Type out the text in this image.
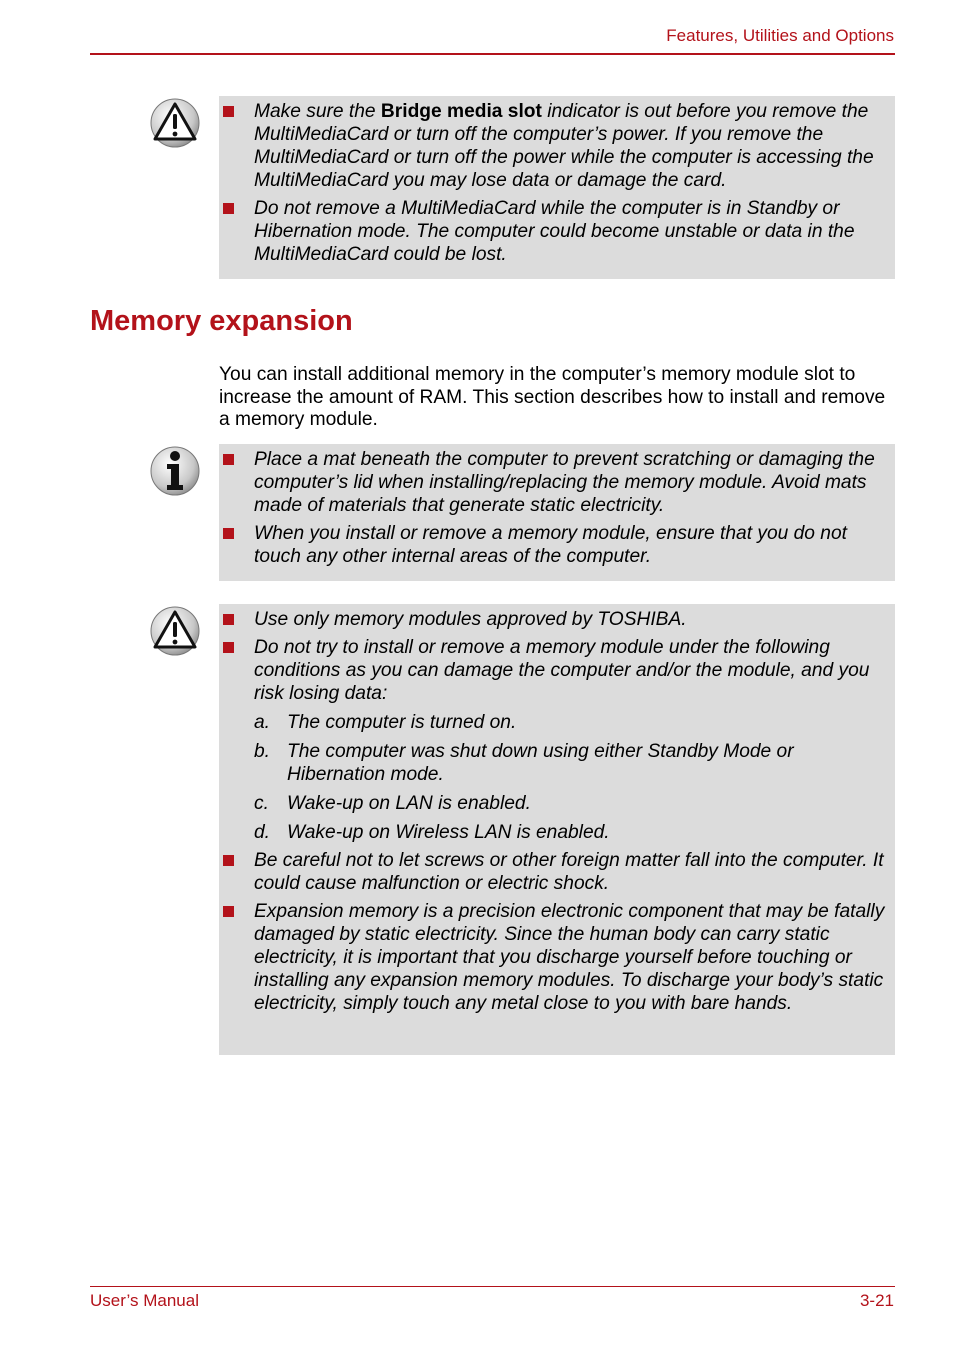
Features, Utilities and Options
Make sure the Bridge media slot indicator is out before you remove the MultiMediaCard or turn off the computer’s power. If you remove the MultiMediaCard or turn off the power while the computer is accessing the MultiMediaCard you may lose data or damage the card.
Do not remove a MultiMediaCard while the computer is in Standby or Hibernation mode. The computer could become unstable or data in the MultiMediaCard could be lost.
Memory expansion

You can install additional memory in the computer’s memory module slot to increase the amount of RAM. This section describes how to install and remove a memory module.

Place a mat beneath the computer to prevent scratching or damaging the computer’s lid when installing/replacing the memory module. Avoid mats made of materials that generate static electricity.
When you install or remove a memory module, ensure that you do not touch any other internal areas of the computer.
Use only memory modules approved by TOSHIBA.
Do not try to install or remove a memory module under the following conditions as you can damage the computer and/or the module, and you risk losing data:
a. The computer is turned on.
b. The computer was shut down using either Standby Mode or Hibernation mode.
c. Wake-up on LAN is enabled.
d. Wake-up on Wireless LAN is enabled.
Be careful not to let screws or other foreign matter fall into the computer. It could cause malfunction or electric shock.
Expansion memory is a precision electronic component that may be fatally damaged by static electricity. Since the human body can carry static electricity, it is important that you discharge yourself before touching or installing any expansion memory modules. To discharge your body’s static electricity, simply touch any metal close to you with bare hands.
User’s Manual	3-21
